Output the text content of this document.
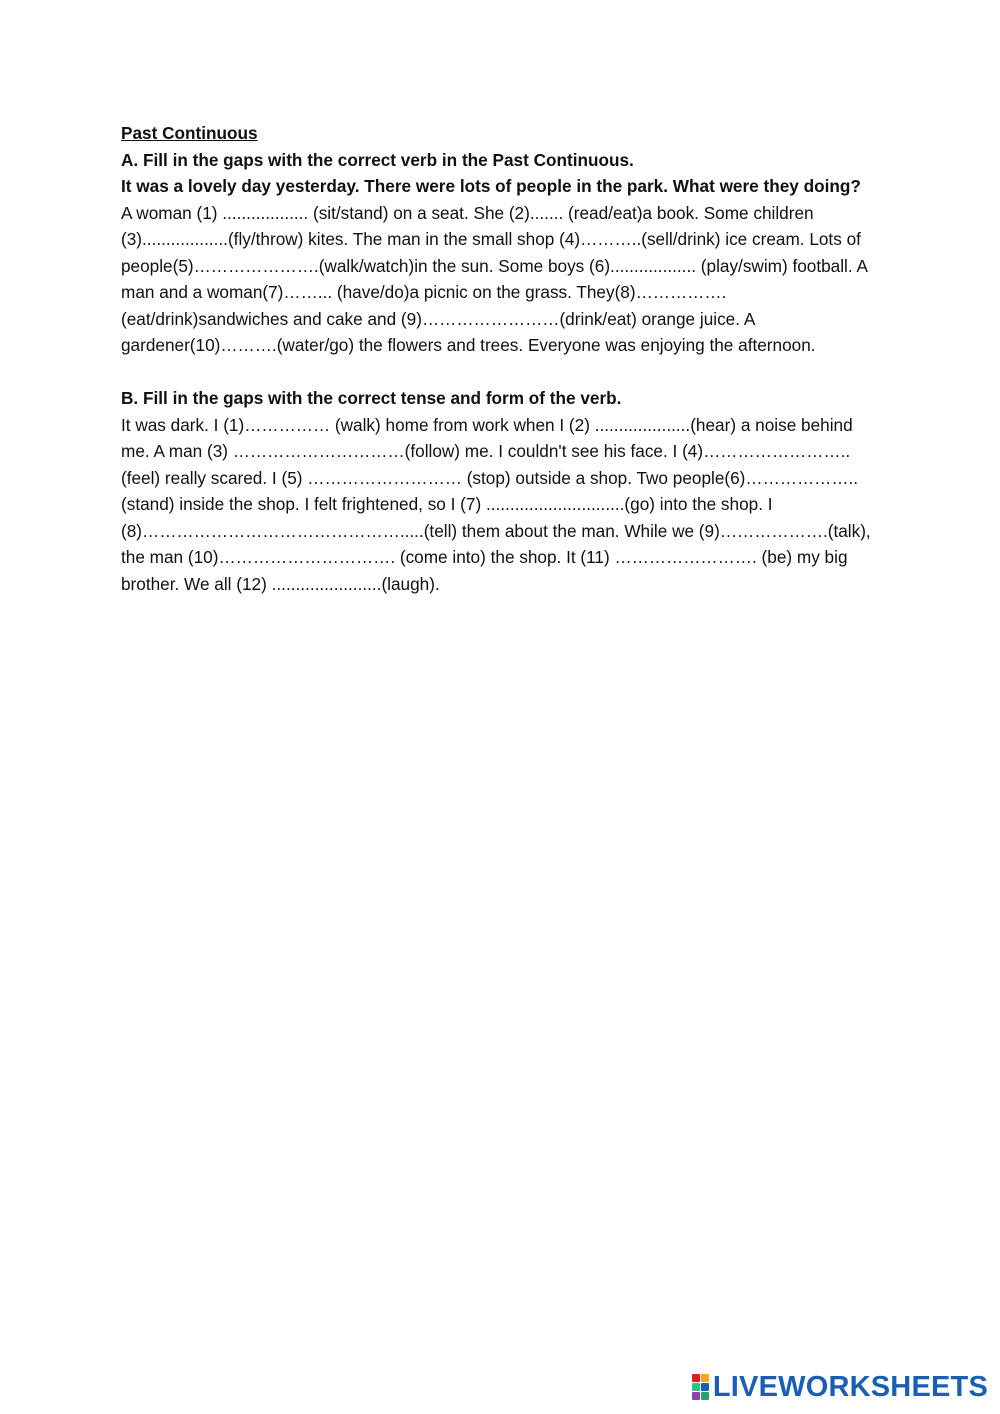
Past Continuous

A. Fill in the gaps with the correct verb in the Past Continuous.

It was a lovely day yesterday. There were lots of people in the park. What were they doing?

A woman (1) .................. (sit/stand) on a seat. She (2)....... (read/eat)a book. Some children (3)..................(fly/throw) kites. The man in the small shop (4)………..(sell/drink) ice cream. Lots of people(5)………………….(walk/watch)in the sun. Some boys (6).................. (play/swim) football. A man and a woman(7)……... (have/do)a picnic on the grass. They(8)……………. (eat/drink)sandwiches and cake and (9)……………………(drink/eat) orange juice. A gardener(10)……….(water/go) the flowers and trees. Everyone was enjoying the afternoon.

B. Fill in the gaps with the correct tense and form of the verb.

It was dark. I (1)…………… (walk) home from work when I (2) ....................(hear) a noise behind me. A man (3) …………………………(follow) me. I couldn't see his face. I (4)…………………….. (feel) really scared. I (5) ……………………… (stop) outside a shop. Two people(6)………………..(stand) inside the shop. I felt frightened, so I (7) .............................(go) into the shop. I (8)……………………………………….....(tell) them about the man. While we (9)……………….(talk), the man (10)…………………………. (come into) the shop. It (11) ……………………. (be) my big brother. We all (12) .......................(laugh).

LIVEWORKSHEETS
